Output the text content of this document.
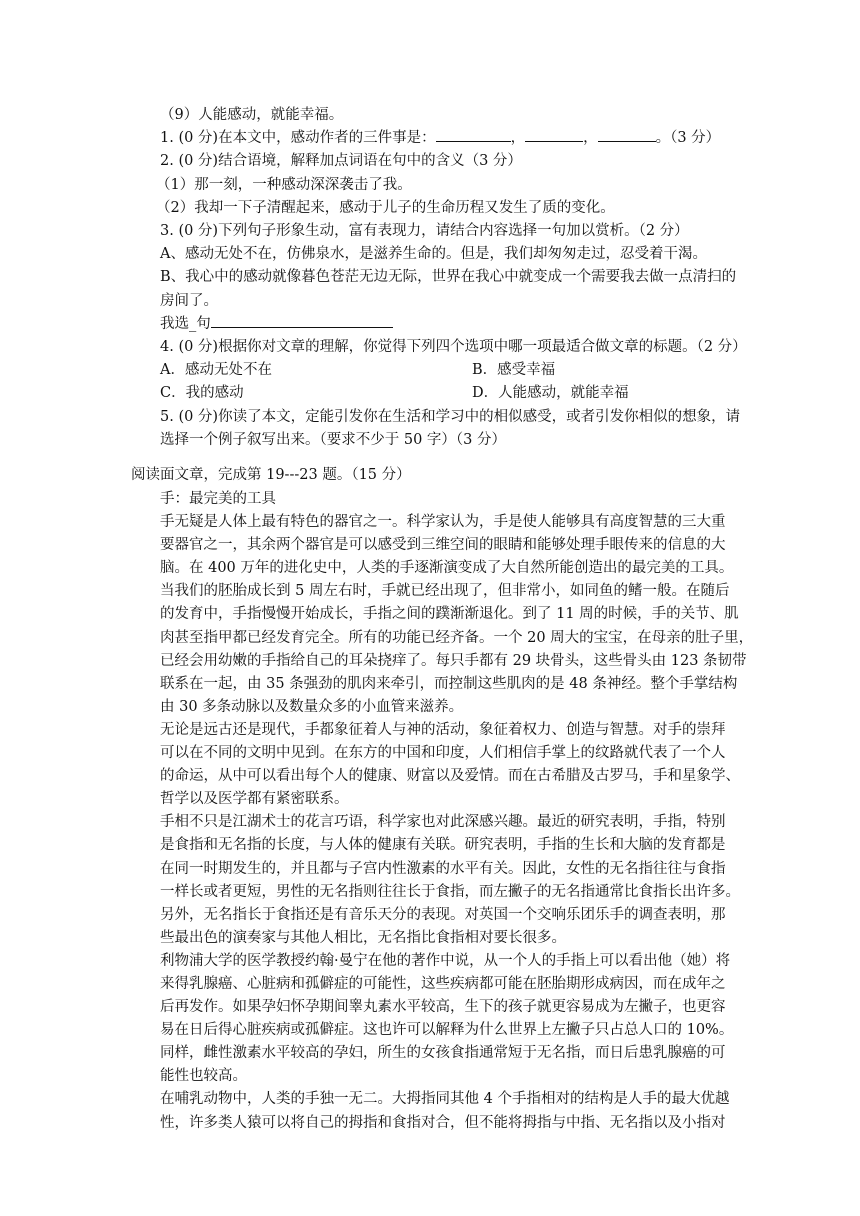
（9）人能感动，就能幸福。
1. (0 分)在本文中，感动作者的三件事是：	，	，	。（3 分）
2. (0 分)结合语境，解释加点词语在句中的含义（3 分）
（1）那一刻，一种感动深深袭击了我。
（2）我却一下子清醒起来，感动于儿子的生命历程又发生了质的变化。
3. (0 分)下列句子形象生动，富有表现力，请结合内容选择一句加以赏析。（2 分）
A、感动无处不在，仿佛泉水，是滋养生命的。但是，我们却匆匆走过，忍受着干渴。
B、我心中的感动就像暮色苍茫无边无际，世界在我心中就变成一个需要我去做一点清扫的
房间了。
我选_句
4. (0 分)根据你对文章的理解，你觉得下列四个选项中哪一项最适合做文章的标题。（2 分）
A．感动无处不在	B．感受幸福
C．我的感动	D．人能感动，就能幸福
5. (0 分)你读了本文，定能引发你在生活和学习中的相似感受，或者引发你相似的想象，请
选择一个例子叙写出来。（要求不少于 50 字）（3 分）
阅读面文章，完成第 19---23 题。（15 分）
手：最完美的工具
手无疑是人体上最有特色的器官之一。科学家认为，手是使人能够具有高度智慧的三大重
要器官之一，其余两个器官是可以感受到三维空间的眼睛和能够处理手眼传来的信息的大
脑。在 400 万年的进化史中，人类的手逐渐演变成了大自然所能创造出的最完美的工具。
当我们的胚胎成长到 5 周左右时，手就已经出现了，但非常小，如同鱼的鳍一般。在随后
的发育中，手指慢慢开始成长，手指之间的蹼渐渐退化。到了 11 周的时候，手的关节、肌
肉甚至指甲都已经发育完全。所有的功能已经齐备。一个 20 周大的宝宝，在母亲的肚子里，
已经会用幼嫩的手指给自己的耳朵挠痒了。每只手都有 29 块骨头，这些骨头由 123 条韧带
联系在一起，由 35 条强劲的肌肉来牵引，而控制这些肌肉的是 48 条神经。整个手掌结构
由 30 多条动脉以及数量众多的小血管来滋养。
无论是远古还是现代，手都象征着人与神的活动，象征着权力、创造与智慧。对手的崇拜
可以在不同的文明中见到。在东方的中国和印度，人们相信手掌上的纹路就代表了一个人
的命运，从中可以看出每个人的健康、财富以及爱情。而在古希腊及古罗马，手和星象学、
哲学以及医学都有紧密联系。
手相不只是江湖术士的花言巧语，科学家也对此深感兴趣。最近的研究表明，手指，特别
是食指和无名指的长度，与人体的健康有关联。研究表明，手指的生长和大脑的发育都是
在同一时期发生的，并且都与子宫内性激素的水平有关。因此，女性的无名指往往与食指
一样长或者更短，男性的无名指则往往长于食指，而左撇子的无名指通常比食指长出许多。
另外，无名指长于食指还是有音乐天分的表现。对英国一个交响乐团乐手的调查表明，那
些最出色的演奏家与其他人相比，无名指比食指相对要长很多。
利物浦大学的医学教授约翰·曼宁在他的著作中说，从一个人的手指上可以看出他（她）将
来得乳腺癌、心脏病和孤僻症的可能性，这些疾病都可能在胚胎期形成病因，而在成年之
后再发作。如果孕妇怀孕期间睾丸素水平较高，生下的孩子就更容易成为左撇子，也更容
易在日后得心脏疾病或孤僻症。这也许可以解释为什么世界上左撇子只占总人口的 10%。
同样，雌性激素水平较高的孕妇，所生的女孩食指通常短于无名指，而日后患乳腺癌的可
能性也较高。
在哺乳动物中，人类的手独一无二。大拇指同其他 4 个手指相对的结构是人手的最大优越
性，许多类人猿可以将自己的拇指和食指对合，但不能将拇指与中指、无名指以及小指对
